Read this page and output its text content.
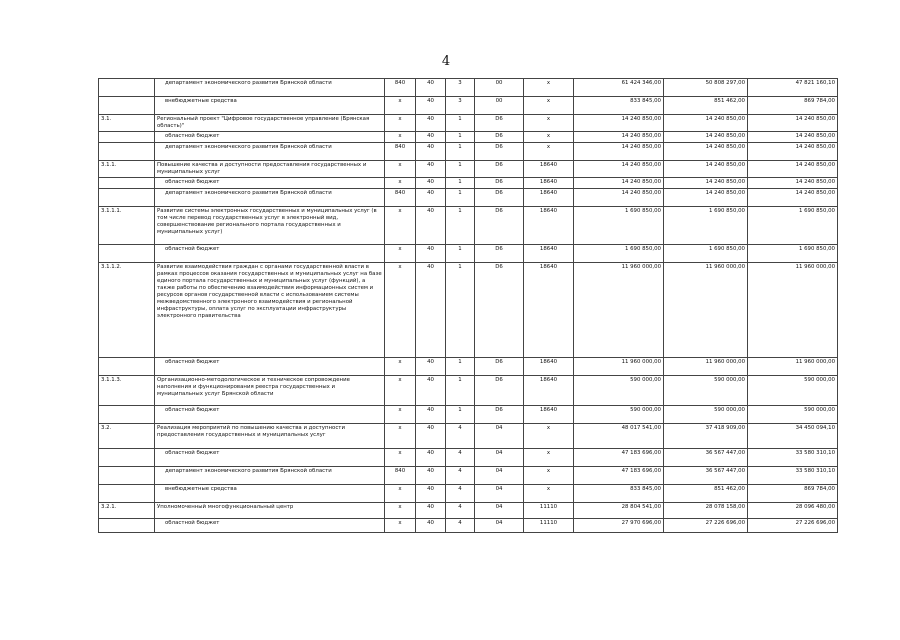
4
	департамент экономического развития Брянской области	840	40	3	00	х	61 424 346,00	50 808 297,00	47 821 160,10
	внебюджетные средства	х	40	3	00	х	833 845,00	851 462,00	869 784,00
3.1.	Региональный проект "Цифровое государственное управление (Брянская область)"	х	40	1	D6	х	14 240 850,00	14 240 850,00	14 240 850,00
	областной бюджет	х	40	1	D6	х	14 240 850,00	14 240 850,00	14 240 850,00
	департамент экономического развития Брянской области	840	40	1	D6	х	14 240 850,00	14 240 850,00	14 240 850,00
3.1.1.	Повышение качества и доступности предоставления государственных и муниципальных услуг	х	40	1	D6	18640	14 240 850,00	14 240 850,00	14 240 850,00
	областной бюджет	х	40	1	D6	18640	14 240 850,00	14 240 850,00	14 240 850,00
	департамент экономического развития Брянской области	840	40	1	D6	18640	14 240 850,00	14 240 850,00	14 240 850,00
3.1.1.1.	Развитие системы электронных государственных и муниципальных услуг (в том числе перевод государственных услуг в электронный вид, совершенствование регионального портала государственных и муниципальных услуг)	х	40	1	D6	18640	1 690 850,00	1 690 850,00	1 690 850,00
	областной бюджет	х	40	1	D6	18640	1 690 850,00	1 690 850,00	1 690 850,00
3.1.1.2.	Развитие взаимодействия граждан с органами государственной власти в рамках процессов оказания государственных и муниципальных услуг на базе единого портала государственных и муниципальных услуг (функций), а также работы по обеспечению взаимодействия информационных систем и ресурсов органов государственной власти с использованием системы межведомственного электронного взаимодействия и региональной инфраструктуры, оплата услуг по эксплуатации инфраструктуры электронного правительства	х	40	1	D6	18640	11 960 000,00	11 960 000,00	11 960 000,00
	областной бюджет	х	40	1	D6	18640	11 960 000,00	11 960 000,00	11 960 000,00
3.1.1.3.	Организационно-методологическое и техническое сопровождение наполнения и функционирования реестра государственных и муниципальных услуг Брянской области	х	40	1	D6	18640	590 000,00	590 000,00	590 000,00
	областной бюджет	х	40	1	D6	18640	590 000,00	590 000,00	590 000,00
3.2.	Реализация мероприятий по повышению качества и доступности предоставления государственных и муниципальных услуг	х	40	4	04	х	48 017 541,00	37 418 909,00	34 450 094,10
	областной бюджет	х	40	4	04	х	47 183 696,00	36 567 447,00	33 580 310,10
	департамент экономического развития Брянской области	840	40	4	04	х	47 183 696,00	36 567 447,00	33 580 310,10
	внебюджетные средства	х	40	4	04	х	833 845,00	851 462,00	869 784,00
3.2.1.	Уполномоченный многофункциональный центр	х	40	4	04	11110	28 804 541,00	28 078 158,00	28 096 480,00
	областной бюджет	х	40	4	04	11110	27 970 696,00	27 226 696,00	27 226 696,00
